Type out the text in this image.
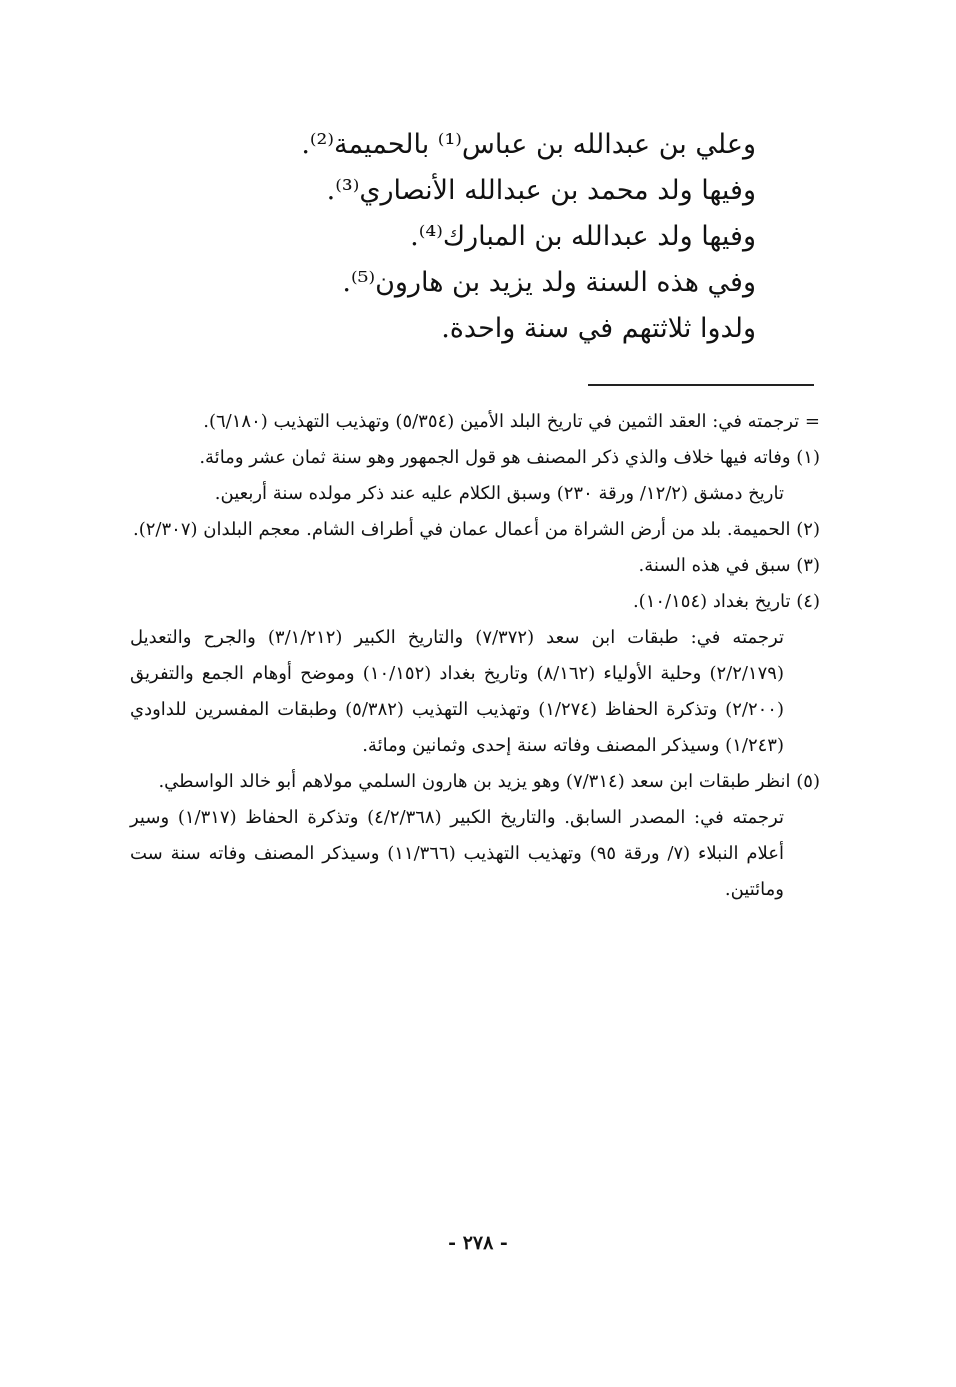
وعلي بن عبدالله بن عباس⁽¹⁾ بالحميمة⁽²⁾.
وفيها ولد محمد بن عبدالله الأنصاري⁽³⁾.
وفيها ولد عبدالله بن المبارك⁽⁴⁾.
وفي هذه السنة ولد يزيد بن هارون⁽⁵⁾.
ولدوا ثلاثتهم في سنة واحدة.
= ترجمته في: العقد الثمين في تاريخ البلد الأمين (٥/٣٥٤) وتهذيب التهذيب (٦/١٨٠).
(١) وفاته فيها خلاف والذي ذكر المصنف هو قول الجمهور وهو سنة ثمان عشر ومائة.
تاريخ دمشق (١٢/٢/ ورقة ٢٣٠) وسبق الكلام عليه عند ذكر مولده سنة أربعين.
(٢) الحميمة. بلد من أرض الشراة من أعمال عمان في أطراف الشام. معجم البلدان (٢/٣٠٧).
(٣) سبق في هذه السنة.
(٤) تاريخ بغداد (١٠/١٥٤).
ترجمته في: طبقات ابن سعد (٧/٣٧٢) والتاريخ الكبير (٣/١/٢١٢) والجرح والتعديل (٢/٢/١٧٩) وحلية الأولياء (٨/١٦٢) وتاريخ بغداد (١٠/١٥٢) وموضح أوهام الجمع والتفريق (٢/٢٠٠) وتذكرة الحفاظ (١/٢٧٤) وتهذيب التهذيب (٥/٣٨٢) وطبقات المفسرين للداودي (١/٢٤٣) وسيذكر المصنف وفاته سنة إحدى وثمانين ومائة.
(٥) انظر طبقات ابن سعد (٧/٣١٤) وهو يزيد بن هارون السلمي مولاهم أبو خالد الواسطي.
ترجمته في: المصدر السابق. والتاريخ الكبير (٤/٢/٣٦٨) وتذكرة الحفاظ (١/٣١٧) وسير أعلام النبلاء (٧/ ورقة ٩٥) وتهذيب التهذيب (١١/٣٦٦) وسيذكر المصنف وفاته سنة ست ومائتين.
- ٢٧٨ -
